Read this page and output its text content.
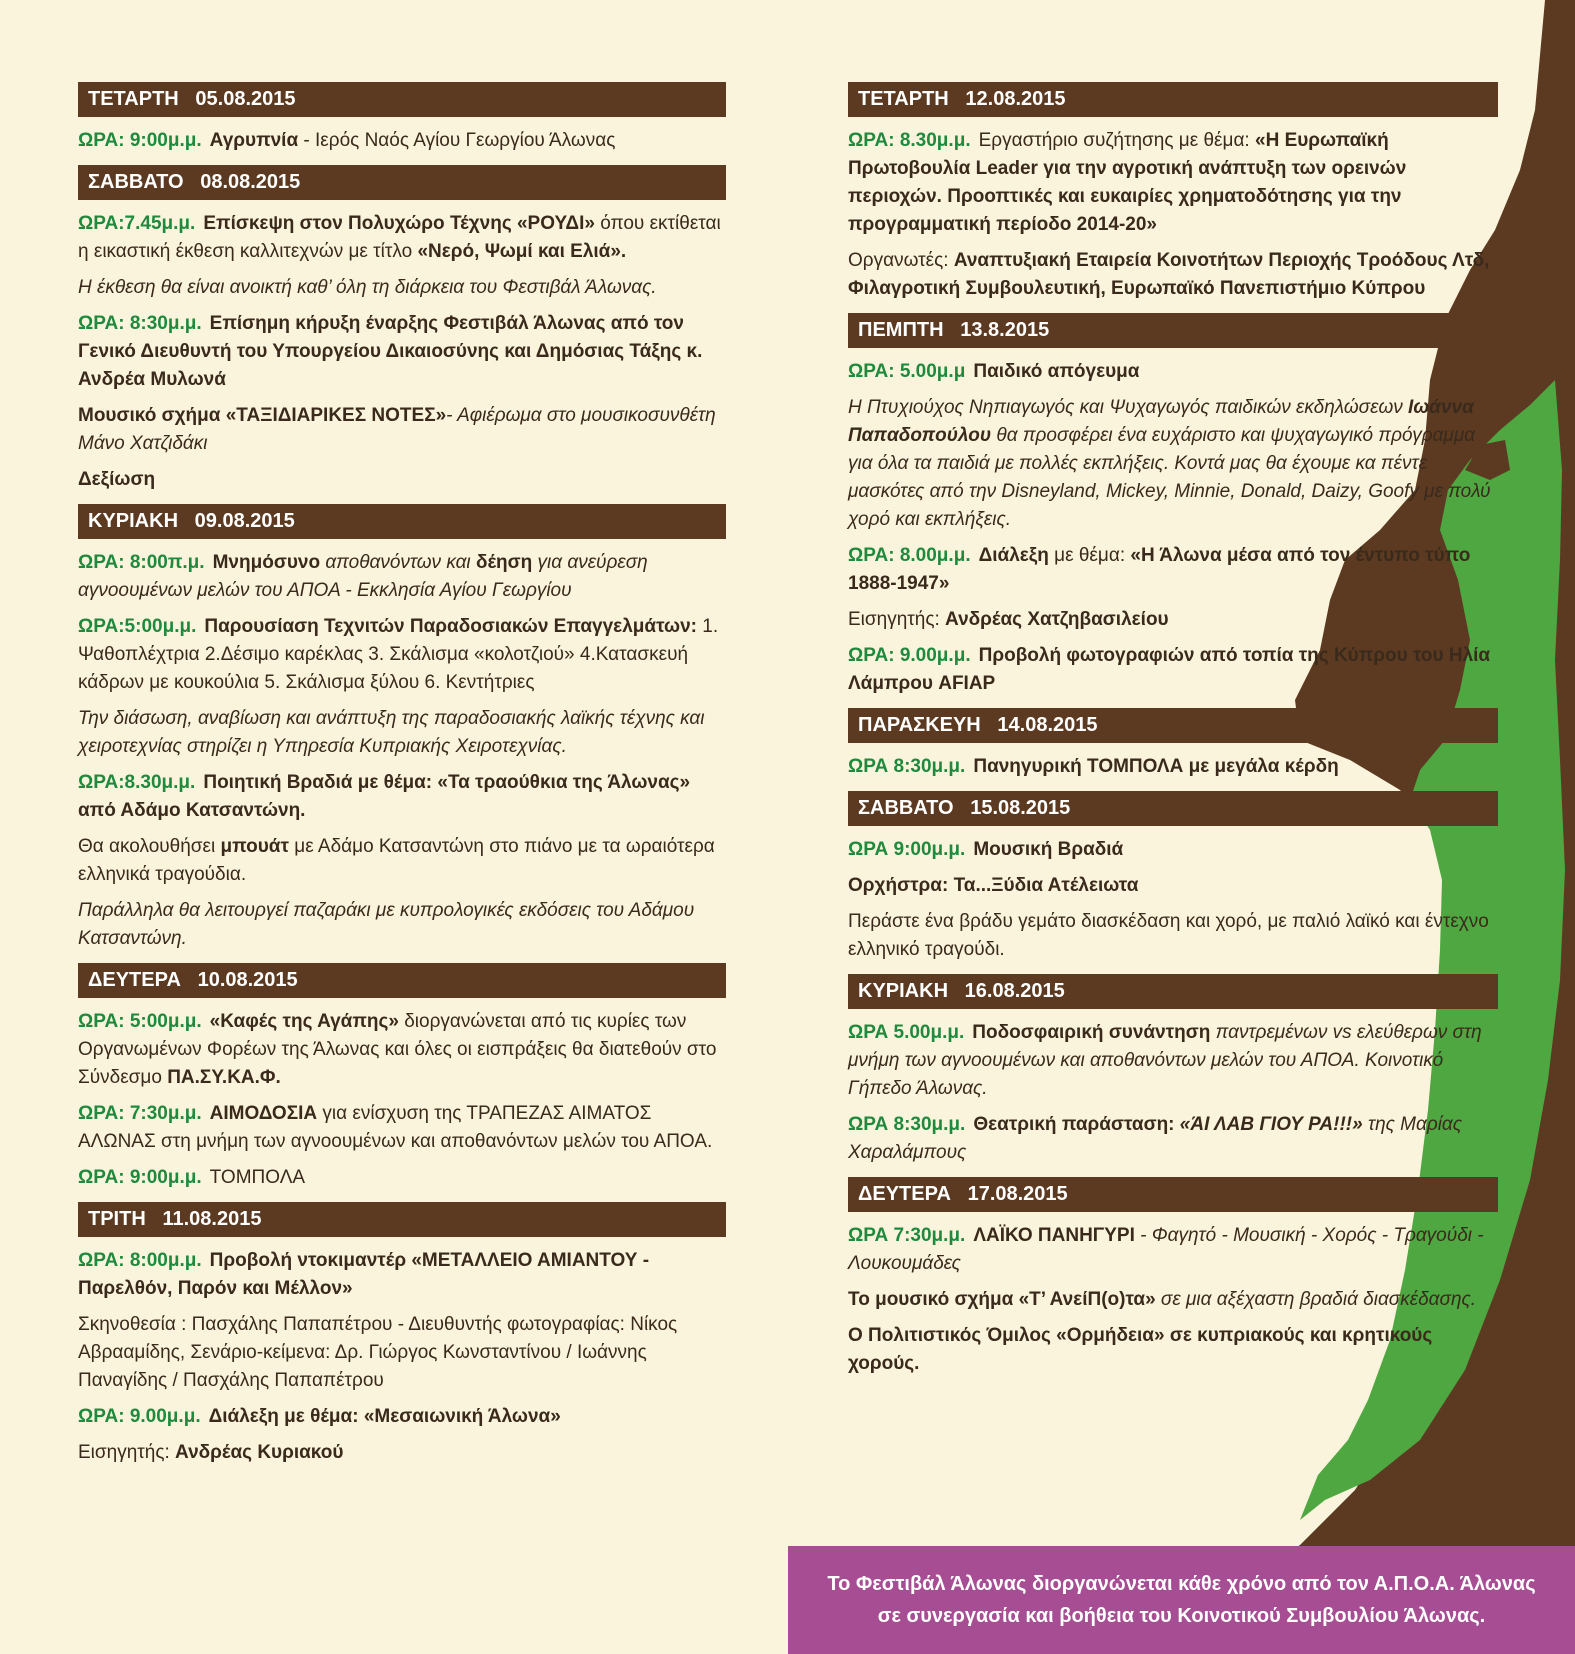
ΤΕΤΑΡΤΗ   05.08.2015
ΩΡΑ: 9:00μ.μ. Αγρυπνία - Ιερός Ναός Αγίου Γεωργίου Άλωνας
ΣΑΒΒΑΤΟ   08.08.2015
ΩΡΑ:7.45μ.μ. Επίσκεψη στον Πολυχώρο Τέχνης «ΡΟΥΔΙ» όπου εκτίθεται η εικαστική έκθεση καλλιτεχνών με τίτλο «Νερό, Ψωμί και Ελιά».
Η έκθεση θα είναι ανοικτή καθ’ όλη τη διάρκεια του Φεστιβάλ Άλωνας.
ΩΡΑ: 8:30μ.μ. Επίσημη κήρυξη έναρξης Φεστιβάλ Άλωνας από τον Γενικό Διευθυντή του Υπουργείου Δικαιοσύνης και Δημόσιας Τάξης κ. Ανδρέα Μυλωνά
Μουσικό σχήμα «ΤΑΞΙΔΙΑΡΙΚΕΣ ΝΟΤΕΣ»- Αφιέρωμα στο μουσικοσυνθέτη Μάνο Χατζιδάκι
Δεξίωση
ΚΥΡΙΑΚΗ   09.08.2015
ΩΡΑ: 8:00π.μ. Μνημόσυνο αποθανόντων και δέηση για ανεύρεση αγνοουμένων μελών του ΑΠΟΑ - Εκκλησία Αγίου Γεωργίου
ΩΡΑ:5:00μ.μ. Παρουσίαση Τεχνιτών Παραδοσιακών Επαγγελμάτων: 1. Ψαθοπλέχτρια 2.Δέσιμο καρέκλας 3. Σκάλισμα «κολοτζιού» 4.Κατασκευή κάδρων με κουκούλια 5. Σκάλισμα ξύλου 6. Κεντήτριες
Την διάσωση, αναβίωση και ανάπτυξη της παραδοσιακής λαϊκής τέχνης και χειροτεχνίας στηρίζει η Υπηρεσία Κυπριακής Χειροτεχνίας.
ΩΡΑ:8.30μ.μ. Ποιητική Βραδιά με θέμα: «Τα τραούθκια της Άλωνας» από Αδάμο Κατσαντώνη.
Θα ακολουθήσει μπουάτ με Αδάμο Κατσαντώνη στο πιάνο με τα ωραιότερα ελληνικά τραγούδια.
Παράλληλα θα λειτουργεί παζαράκι με κυπρολογικές εκδόσεις του Αδάμου Κατσαντώνη.
ΔΕΥΤΕΡΑ   10.08.2015
ΩΡΑ: 5:00μ.μ. «Καφές της Αγάπης» διοργανώνεται από τις κυρίες των Οργανωμένων Φορέων της Άλωνας και όλες οι εισπράξεις θα διατεθούν στο Σύνδεσμο ΠΑ.ΣΥ.ΚΑ.Φ.
ΩΡΑ: 7:30μ.μ. ΑΙΜΟΔΟΣΙΑ για ενίσχυση της ΤΡΑΠΕΖΑΣ ΑΙΜΑΤΟΣ ΑΛΩΝΑΣ στη μνήμη των αγνοουμένων και αποθανόντων μελών του ΑΠΟΑ.
ΩΡΑ: 9:00μ.μ. ΤΟΜΠΟΛΑ
ΤΡΙΤΗ   11.08.2015
ΩΡΑ: 8:00μ.μ. Προβολή ντοκιμαντέρ «ΜΕΤΑΛΛΕΙΟ ΑΜΙΑΝΤΟΥ - Παρελθόν, Παρόν και Μέλλον»
Σκηνοθεσία : Πασχάλης Παπαπέτρου - Διευθυντής φωτογραφίας: Νίκος Αβρααμίδης, Σενάριο-κείμενα: Δρ. Γιώργος Κωνσταντίνου / Ιωάννης Παναγίδης / Πασχάλης Παπαπέτρου
ΩΡΑ: 9.00μ.μ. Διάλεξη με θέμα: «Μεσαιωνική Άλωνα»
Εισηγητής: Ανδρέας Κυριακού
ΤΕΤΑΡΤΗ   12.08.2015
ΩΡΑ: 8.30μ.μ. Εργαστήριο συζήτησης με θέμα: «Η Ευρωπαϊκή Πρωτοβουλία Leader για την αγροτική ανάπτυξη των ορεινών περιοχών. Προοπτικές και ευκαιρίες χρηματοδότησης για την προγραμματική περίοδο 2014-20»
Οργανωτές: Αναπτυξιακή Εταιρεία Κοινοτήτων Περιοχής Τροόδους Λτδ, Φιλαγροτική Συμβουλευτική, Ευρωπαϊκό Πανεπιστήμιο Κύπρου
ΠΕΜΠΤΗ   13.8.2015
ΩΡΑ: 5.00μ.μ Παιδικό απόγευμα
Η Πτυχιούχος Νηπιαγωγός και Ψυχαγωγός παιδικών εκδηλώσεων Ιωάννα Παπαδοπούλου θα προσφέρει ένα ευχάριστο και ψυχαγωγικό πρόγραμμα για όλα τα παιδιά με πολλές εκπλήξεις. Κοντά μας θα έχουμε κα πέντε μασκότες από την Disneyland, Mickey, Minnie, Donald, Daizy, Goofy με πολύ χορό και εκπλήξεις.
ΩΡΑ: 8.00μ.μ. Διάλεξη με θέμα: «Η Άλωνα μέσα από τον έντυπο τύπο 1888-1947»
Εισηγητής: Ανδρέας Χατζηβασιλείου
ΩΡΑ: 9.00μ.μ. Προβολή φωτογραφιών από τοπία της Κύπρου του Ηλία Λάμπρου AFIAP
ΠΑΡΑΣΚΕΥΗ   14.08.2015
ΩΡΑ 8:30μ.μ. Πανηγυρική ΤΟΜΠΟΛΑ με μεγάλα κέρδη
ΣΑΒΒΑΤΟ   15.08.2015
ΩΡΑ 9:00μ.μ. Μουσική Βραδιά
Ορχήστρα: Τα...Ξύδια Ατέλειωτα
Περάστε ένα βράδυ γεμάτο διασκέδαση και χορό, με παλιό λαϊκό και έντεχνο ελληνικό τραγούδι.
ΚΥΡΙΑΚΗ   16.08.2015
ΩΡΑ 5.00μ.μ. Ποδοσφαιρική συνάντηση παντρεμένων vs ελεύθερων στη μνήμη των αγνοουμένων και αποθανόντων μελών του ΑΠΟΑ. Κοινοτικό Γήπεδο Άλωνας.
ΩΡΑ 8:30μ.μ. Θεατρική παράσταση: «ΆΙ ΛΑΒ ΓΙΟΥ ΡΑ!!!» της Μαρίας Χαραλάμπους
ΔΕΥΤΕΡΑ   17.08.2015
ΩΡΑ 7:30μ.μ. ΛΑΪΚΟ ΠΑΝΗΓΥΡΙ - Φαγητό - Μουσική - Χορός - Τραγούδι - Λουκουμάδες
Το μουσικό σχήμα «Τ’ ΑνείΠ(ο)τα» σε μια αξέχαστη βραδιά διασκέδασης.
Ο Πολιτιστικός Όμιλος «Ορμήδεια» σε κυπριακούς και κρητικούς χορούς.
Το Φεστιβάλ Άλωνας διοργανώνεται κάθε χρόνο από τον Α.Π.Ο.Α. Άλωνας
σε συνεργασία και βοήθεια του Κοινοτικού Συμβουλίου Άλωνας.
